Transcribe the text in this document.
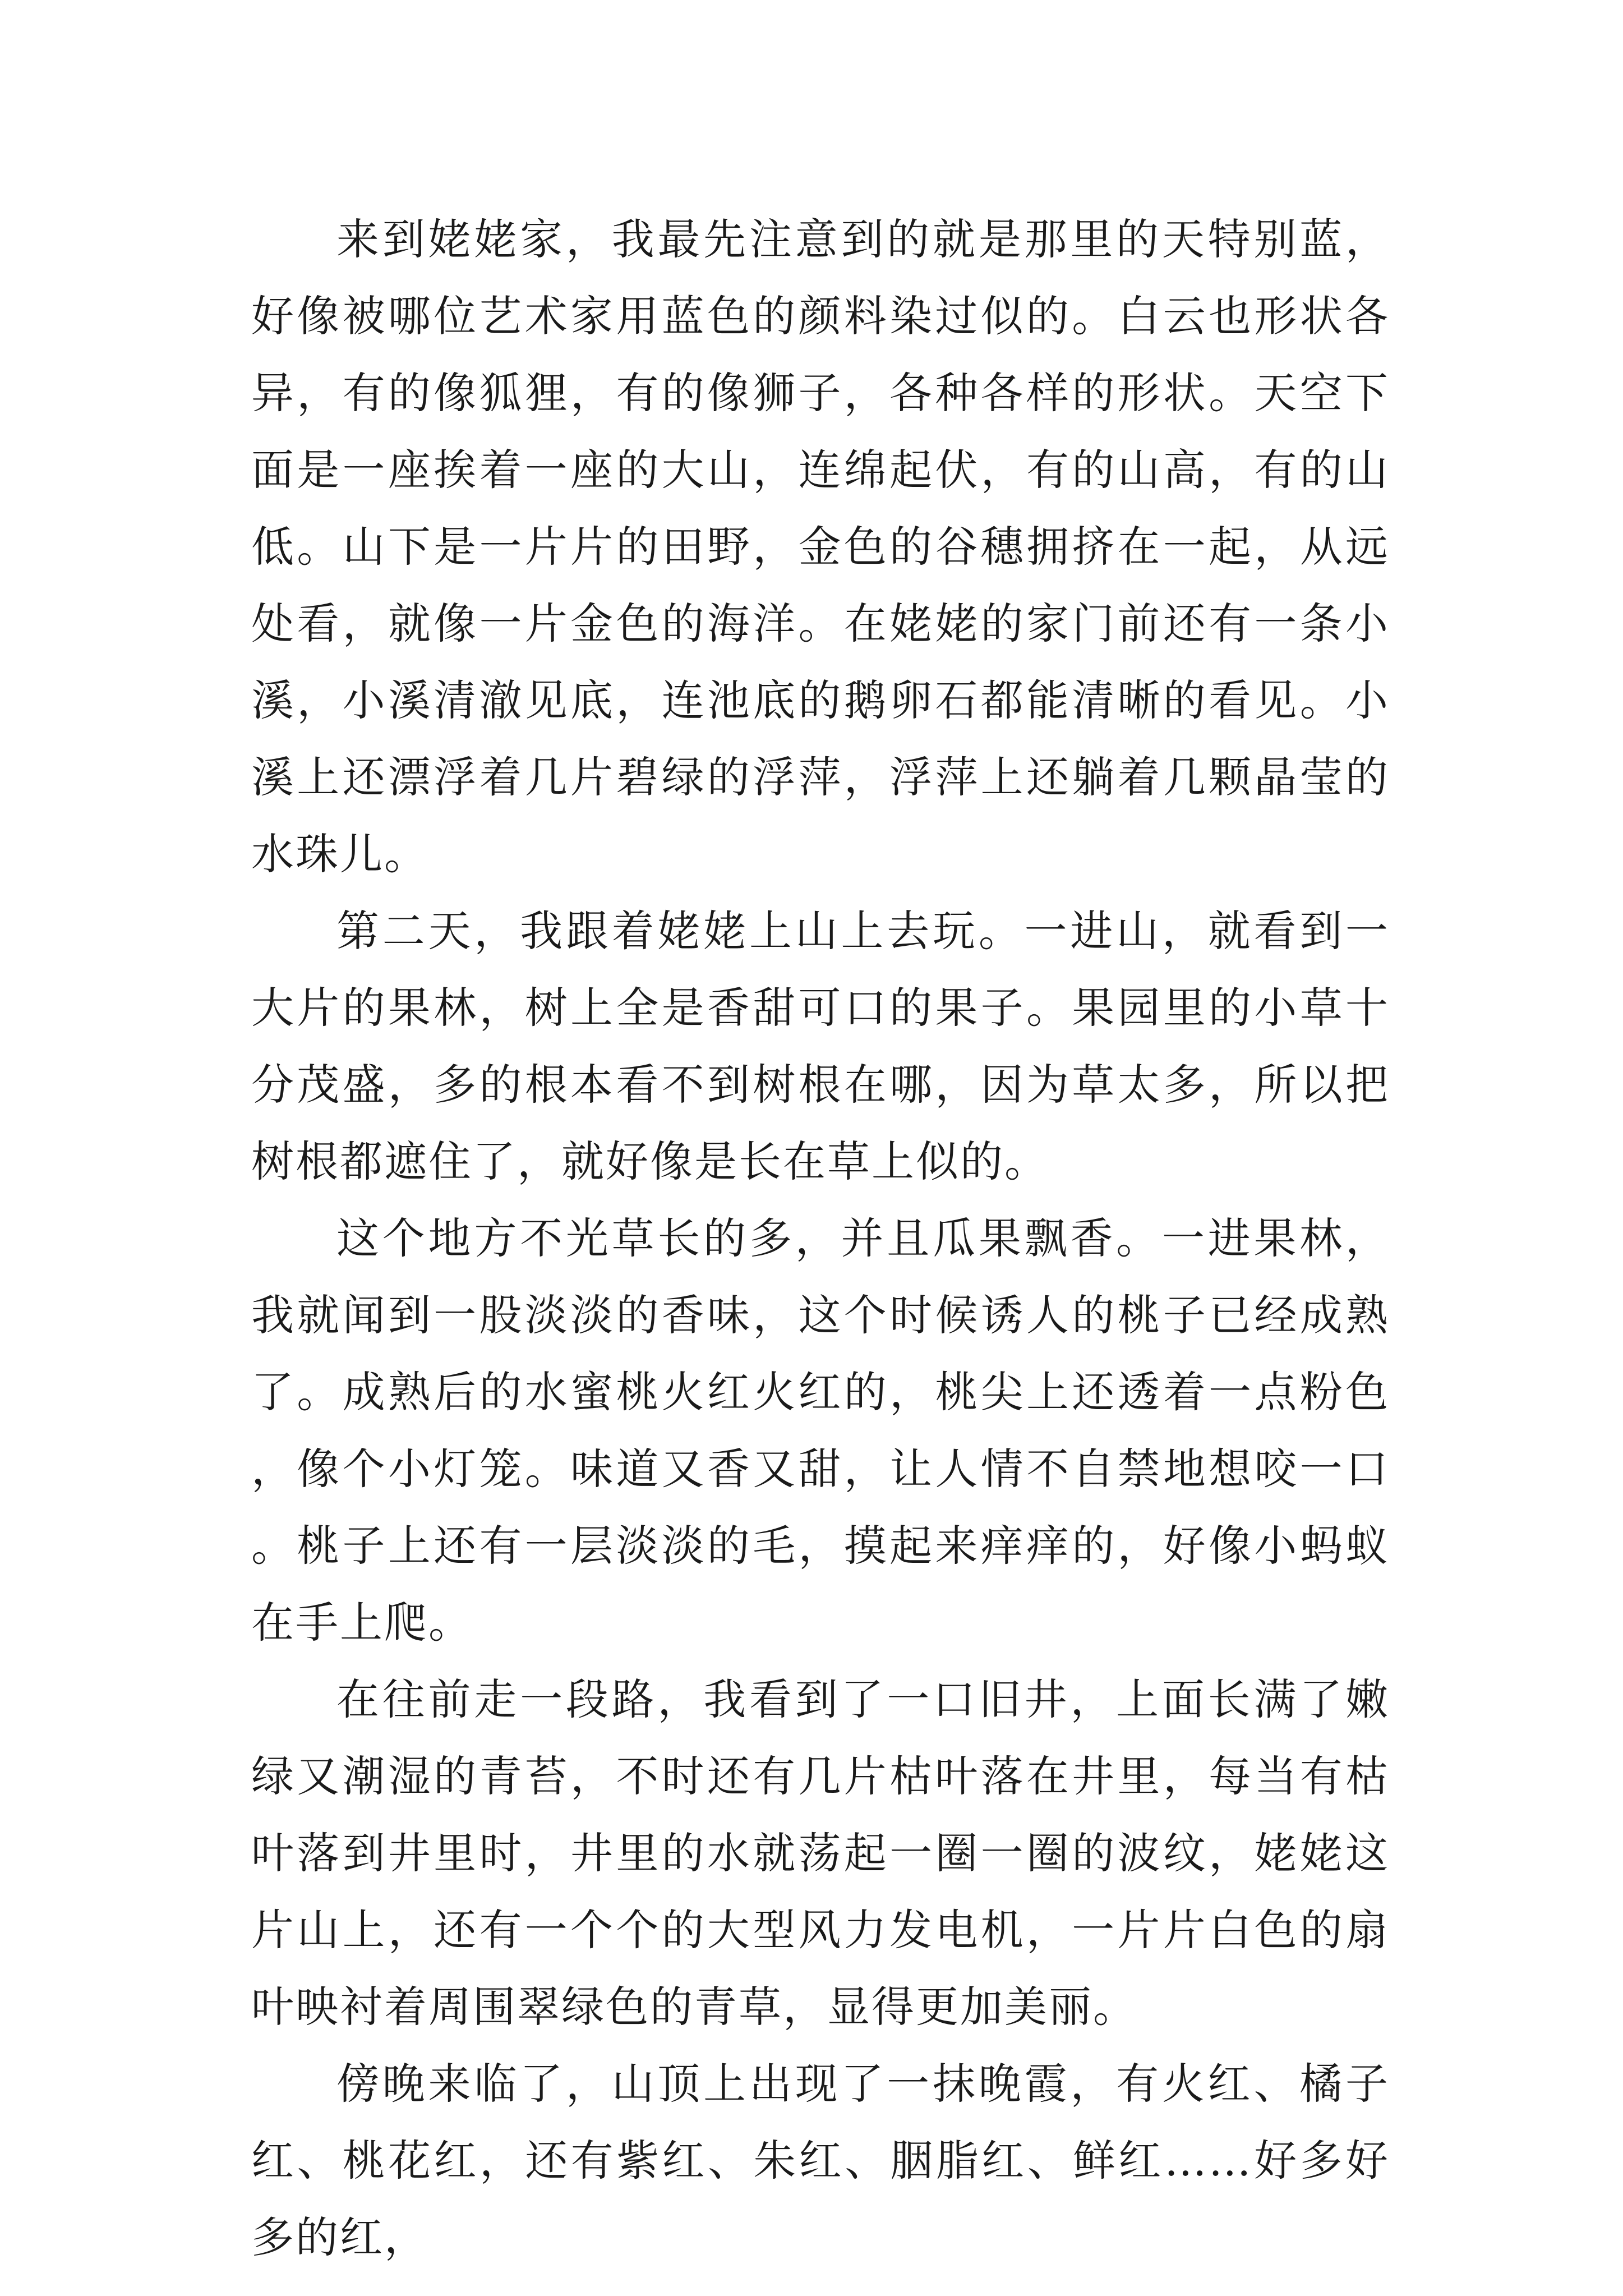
来到姥姥家，我最先注意到的就是那里的天特别蓝，好像被哪位艺术家用蓝色的颜料染过似的。白云也形状各异，有的像狐狸，有的像狮子，各种各样的形状。天空下面是一座挨着一座的大山，连绵起伏，有的山高，有的山低。山下是一片片的田野，金色的谷穗拥挤在一起，从远处看，就像一片金色的海洋。在姥姥的家门前还有一条小溪，小溪清澈见底，连池底的鹅卵石都能清晰的看见。小溪上还漂浮着几片碧绿的浮萍，浮萍上还躺着几颗晶莹的水珠儿。

第二天，我跟着姥姥上山上去玩。一进山，就看到一大片的果林，树上全是香甜可口的果子。果园里的小草十分茂盛，多的根本看不到树根在哪，因为草太多，所以把树根都遮住了，就好像是长在草上似的。

这个地方不光草长的多，并且瓜果飘香。一进果林，我就闻到一股淡淡的香味，这个时候诱人的桃子已经成熟了。成熟后的水蜜桃火红火红的，桃尖上还透着一点粉色，像个小灯笼。味道又香又甜，让人情不自禁地想咬一口。桃子上还有一层淡淡的毛，摸起来痒痒的，好像小蚂蚁在手上爬。

在往前走一段路，我看到了一口旧井，上面长满了嫩绿又潮湿的青苔，不时还有几片枯叶落在井里，每当有枯叶落到井里时，井里的水就荡起一圈一圈的波纹，姥姥这片山上，还有一个个的大型风力发电机，一片片白色的扇叶映衬着周围翠绿色的青草，显得更加美丽。

傍晚来临了，山顶上出现了一抹晚霞，有火红、橘子红、桃花红，还有紫红、朱红、胭脂红、鲜红……好多好多的红，
